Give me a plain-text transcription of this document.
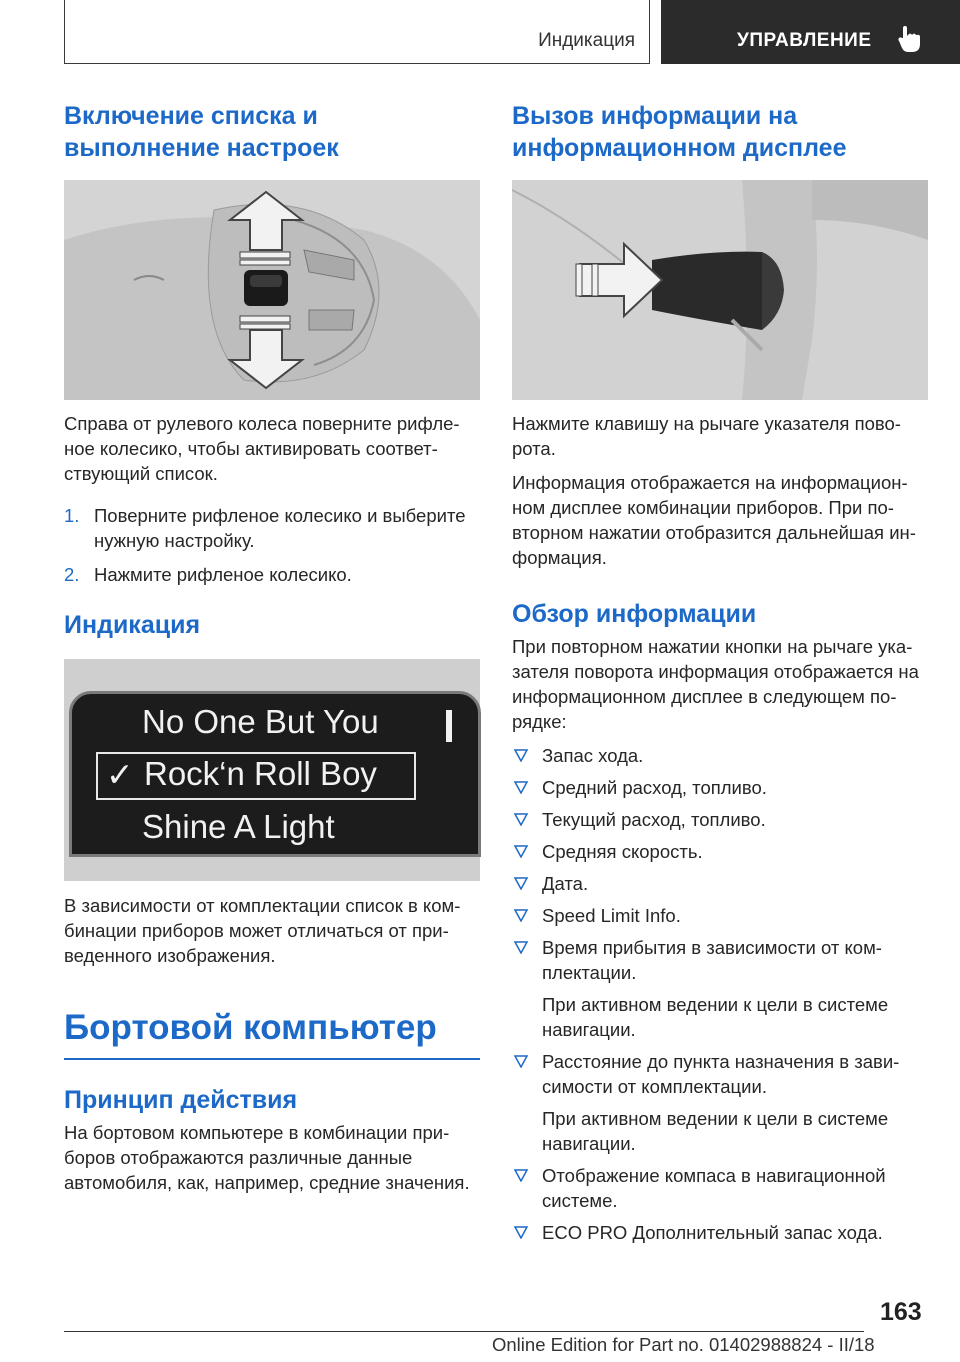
Индикация	УПРАВЛЕНИЕ
Включение списка и выполнение настроек

Справа от рулевого колеса поверните рифле-ное колесико, чтобы активировать соответ-ствующий список.

1. Поверните рифленое колесико и выберите нужную настройку.
2. Нажмите рифленое колесико.
Индикация
No One But You
✓ Rock‘n Roll Boy
Shine A Light

В зависимости от комплектации список в ком-бинации приборов может отличаться от при-веденного изображения.

Бортовой компьютер
Принцип действия

На бортовом компьютере в комбинации при-боров отображаются различные данные автомобиля, как, например, средние значения.

Вызов информации на информационном дисплее

Нажмите клавишу на рычаге указателя пово-рота.

Информация отображается на информацион-ном дисплее комбинации приборов. При по-вторном нажатии отобразится дальнейшая ин-формация.

Обзор информации

При повторном нажатии кнопки на рычаге ука-зателя поворота информация отображается на информационном дисплее в следующем по-рядке:

Запас хода.
Средний расход, топливо.
Текущий расход, топливо.
Средняя скорость.
Дата.
Speed Limit Info.
Время прибытия в зависимости от ком-плектации.
При активном ведении к цели в системе навигации.
Расстояние до пункта назначения в зави-симости от комплектации.
При активном ведении к цели в системе навигации.
Отображение компаса в навигационной системе.
ECO PRO Дополнительный запас хода.
163
Online Edition for Part no. 01402988824 - II/18
